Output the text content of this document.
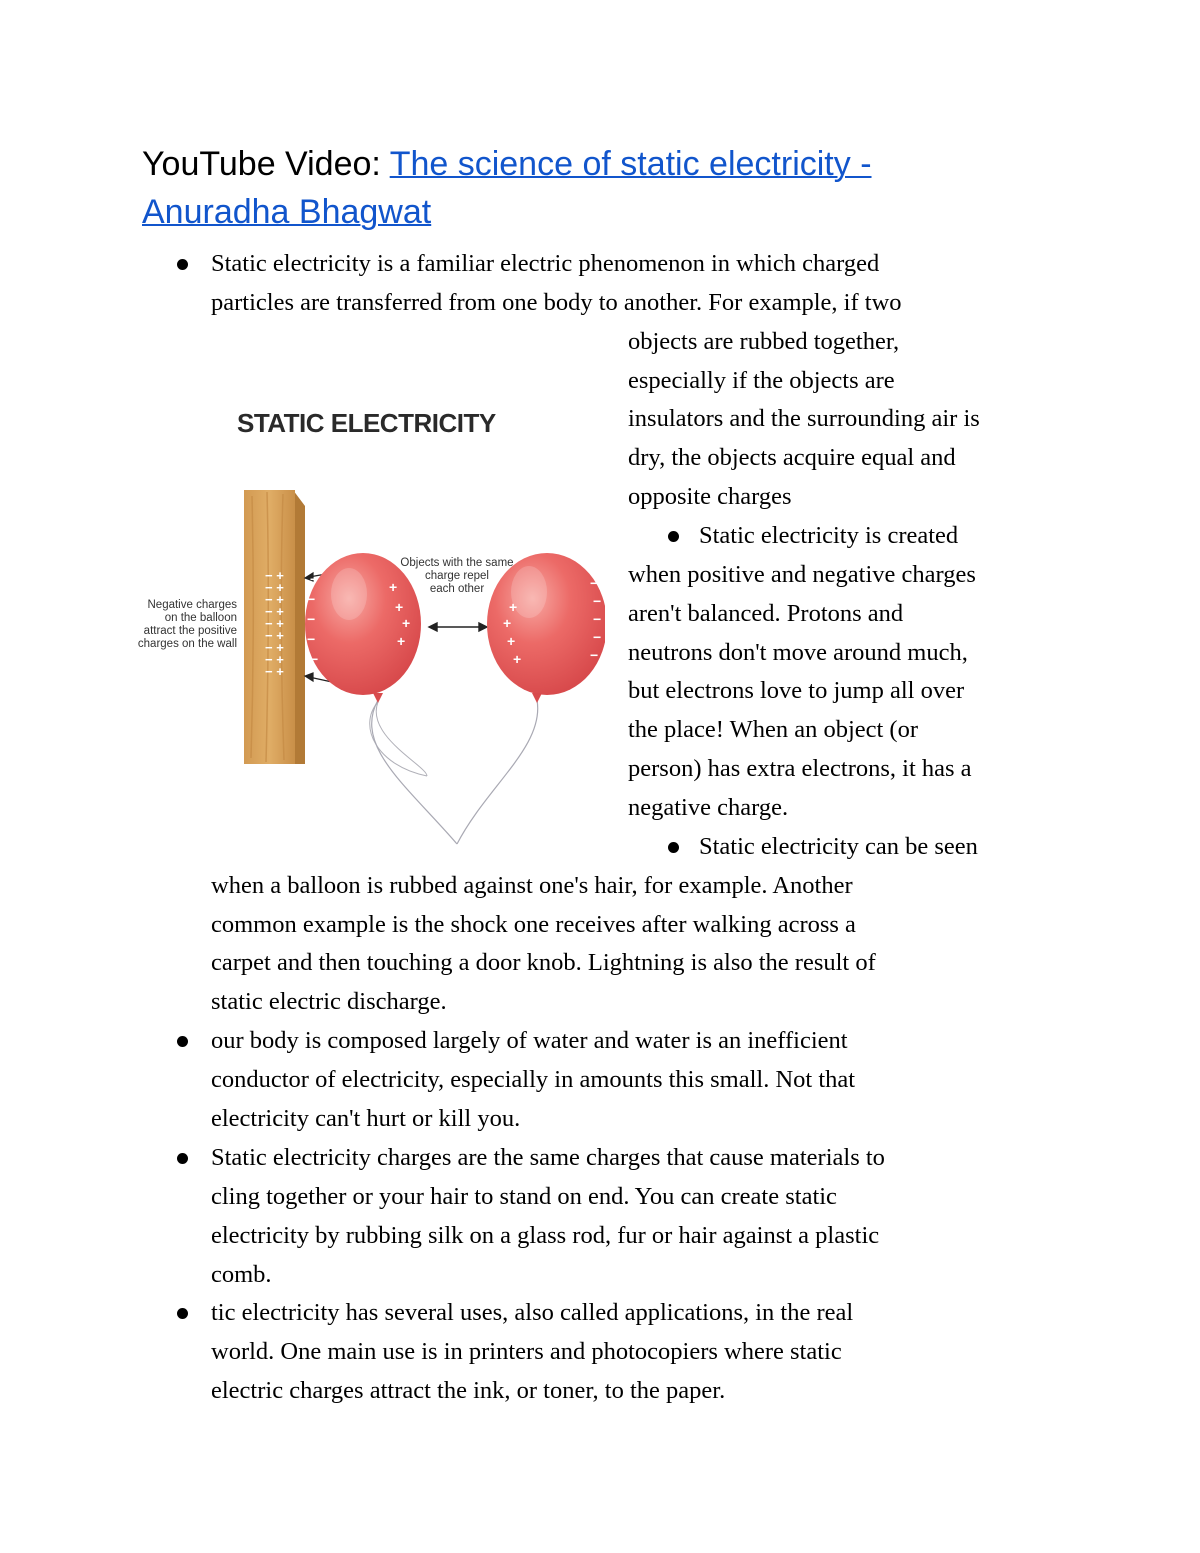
YouTube Video: The science of static electricity -
Anuradha Bhagwat
Static electricity is a familiar electric phenomenon in which charged
particles are transferred from one body to another. For example, if two
objects are rubbed together,
especially if the objects are
insulators and the surrounding air is
dry, the objects acquire equal and
opposite charges
Static electricity is created
when positive and negative charges
aren't balanced. Protons and
neutrons don't move around much,
but electrons love to jump all over
the place! When an object (or
person) has extra electrons, it has a
negative charge.
Static electricity can be seen
when a balloon is rubbed against one's hair, for example. Another
common example is the shock one receives after walking across a
carpet and then touching a door knob. Lightning is also the result of
static electric discharge.
our body is composed largely of water and water is an inefficient
conductor of electricity, especially in amounts this small. Not that
electricity can't hurt or kill you.
Static electricity charges are the same charges that cause materials to
cling together or your hair to stand on end. You can create static
electricity by rubbing silk on a glass rod, fur or hair against a plastic
comb.
tic electricity has several uses, also called applications, in the real
world. One main use is in printers and photocopiers where static
electric charges attract the ink, or toner, to the paper.
STATIC ELECTRICITY
− +
− +
− +
− +
− +
− +
− +
− +
− +
Negative charges
on the balloon
attract the positive
charges on the wall
Objects with the same
charge repel
each other
−
−
−
−
−
+
+
+
+
+
+
+
+
−
−
−
−
−
